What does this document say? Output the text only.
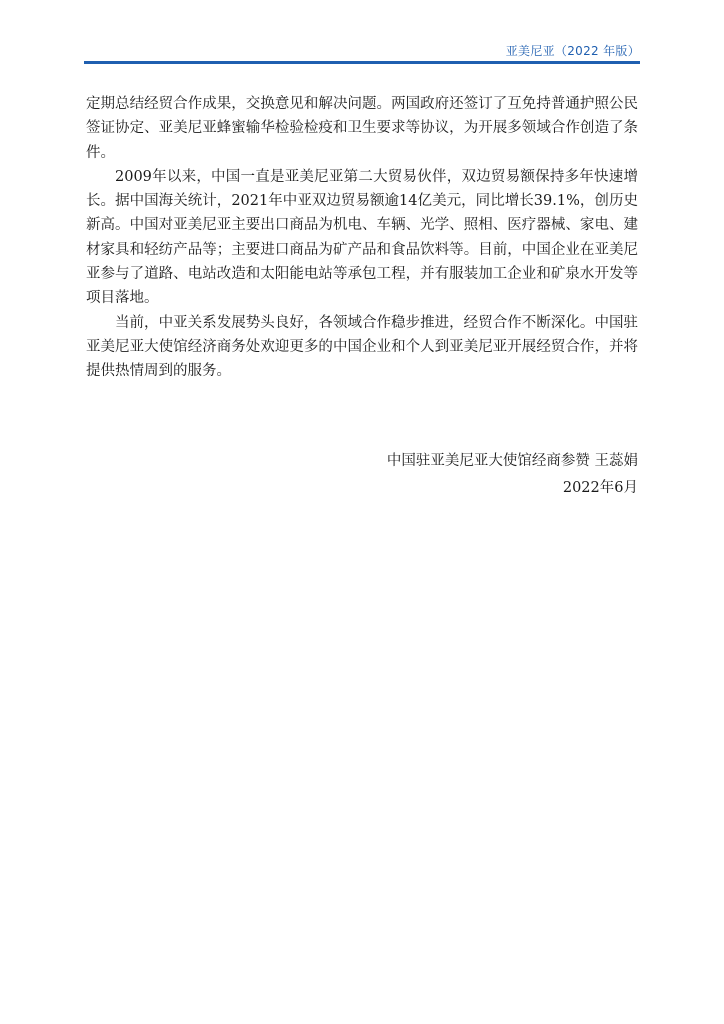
亚美尼亚（2022 年版）

定期总结经贸合作成果，交换意见和解决问题。两国政府还签订了互免持普通护照公民签证协定、亚美尼亚蜂蜜输华检验检疫和卫生要求等协议，为开展多领域合作创造了条件。

2009年以来，中国一直是亚美尼亚第二大贸易伙伴，双边贸易额保持多年快速增长。据中国海关统计，2021年中亚双边贸易额逾14亿美元，同比增长39.1%，创历史新高。中国对亚美尼亚主要出口商品为机电、车辆、光学、照相、医疗器械、家电、建材家具和轻纺产品等；主要进口商品为矿产品和食品饮料等。目前，中国企业在亚美尼亚参与了道路、电站改造和太阳能电站等承包工程，并有服装加工企业和矿泉水开发等项目落地。

当前，中亚关系发展势头良好，各领域合作稳步推进，经贸合作不断深化。中国驻亚美尼亚大使馆经济商务处欢迎更多的中国企业和个人到亚美尼亚开展经贸合作，并将提供热情周到的服务。

中国驻亚美尼亚大使馆经商参赞 王蕊娟
2022年6月
